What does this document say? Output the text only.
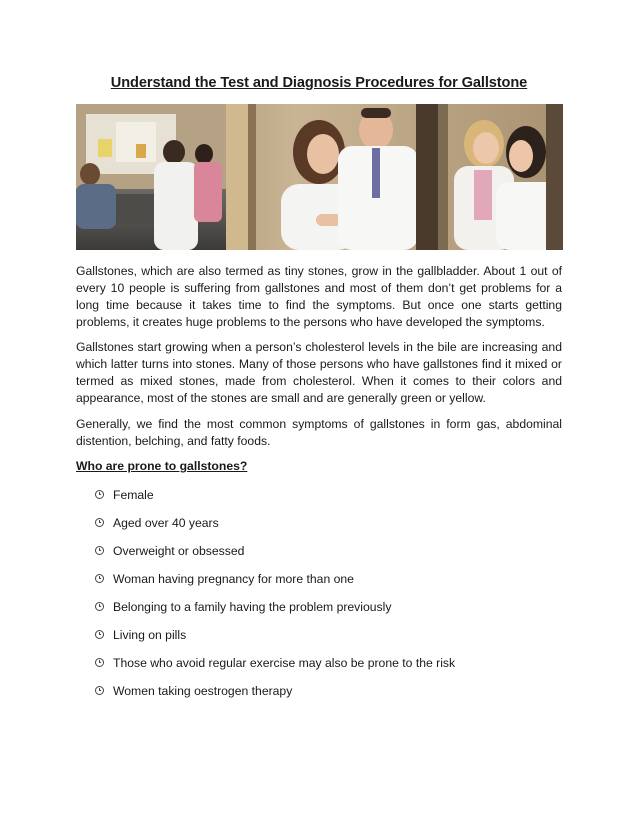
Understand the Test and Diagnosis Procedures for Gallstone

Gallstones, which are also termed as tiny stones, grow in the gallbladder. About 1 out of every 10 people is suffering from gallstones and most of them don’t get problems for a long time because it takes time to find the symptoms. But once one starts getting problems, it creates huge problems to the persons who have developed the symptoms.

Gallstones start growing when a person’s cholesterol levels in the bile are increasing and which latter turns into stones. Many of those persons who have gallstones find it mixed or termed as mixed stones, made from cholesterol. When it comes to their colors and appearance, most of the stones are small and are generally green or yellow.

Generally, we find the most common symptoms of gallstones in form gas, abdominal distention, belching, and fatty foods.

Who are prone to gallstones?

Female
Aged over 40 years
Overweight or obsessed
Woman having pregnancy for more than one
Belonging to a family having the problem previously
Living on pills
Those who avoid regular exercise may also be prone to the risk
Women taking oestrogen therapy
